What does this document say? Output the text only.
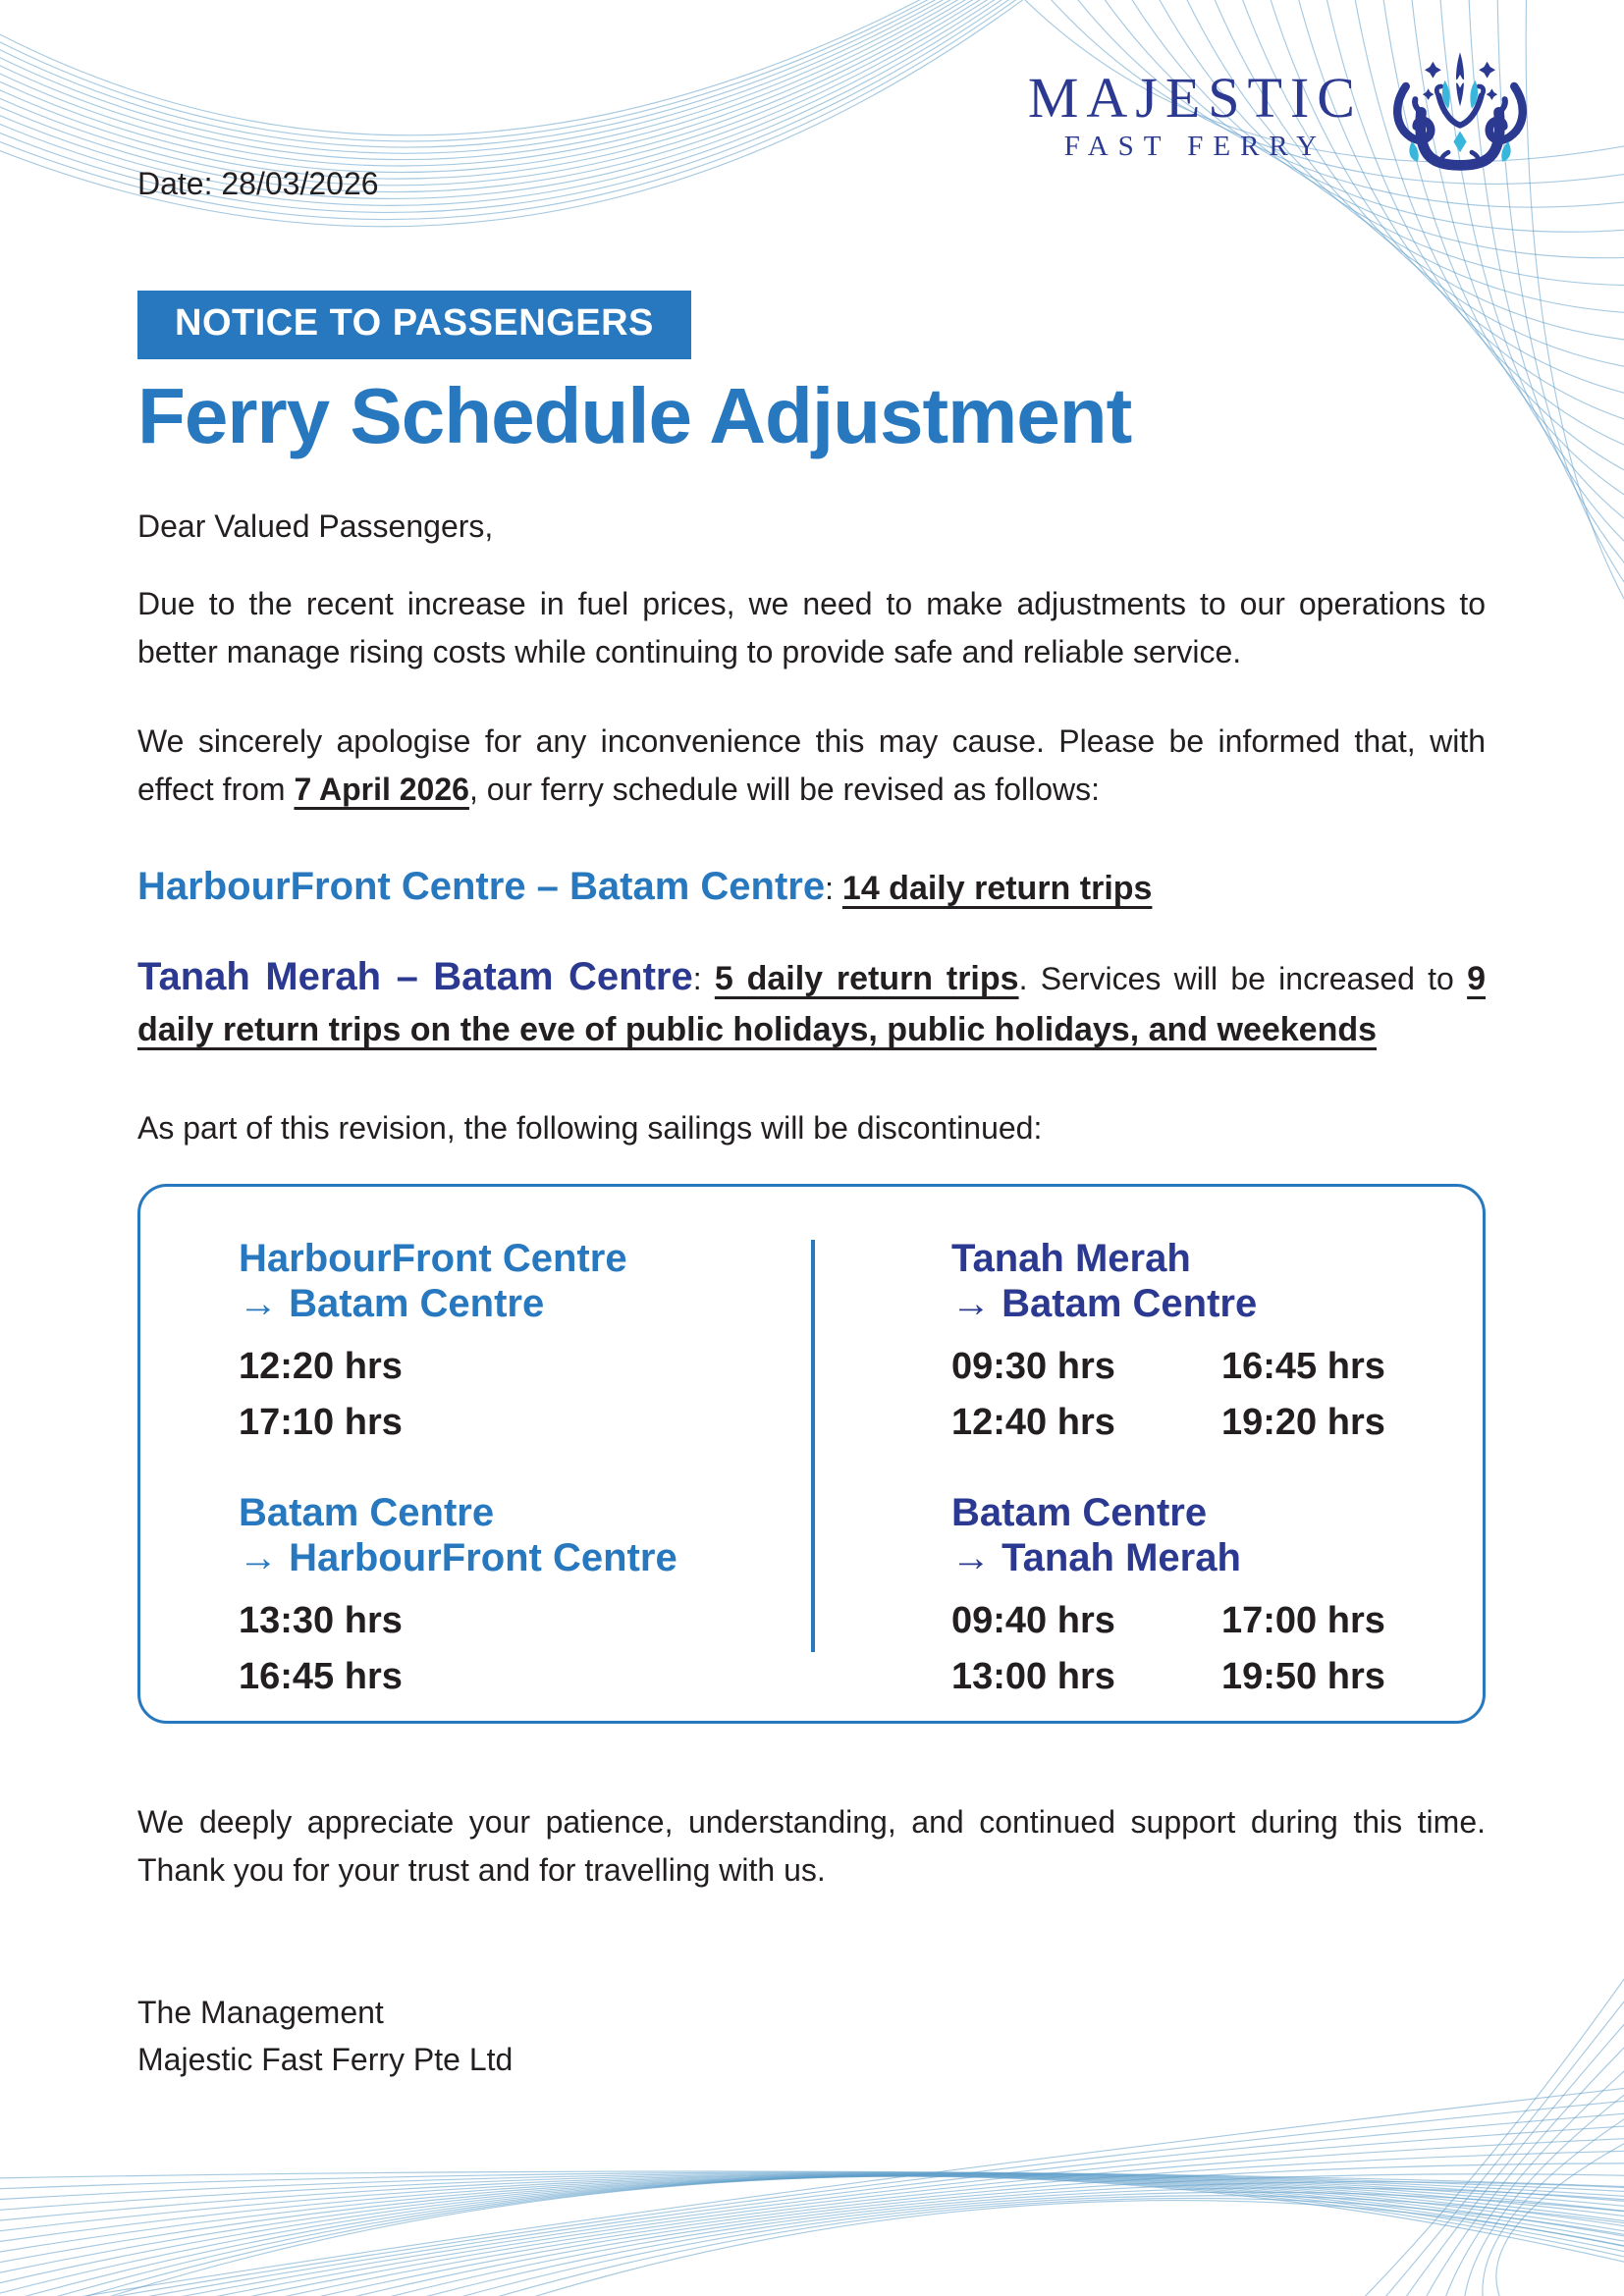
MAJESTIC
FAST FERRY

Date: 28/03/2026

NOTICE TO PASSENGERS
Ferry Schedule Adjustment

Dear Valued Passengers,

Due to the recent increase in fuel prices, we need to make adjustments to our operations to better manage rising costs while continuing to provide safe and reliable service.

We sincerely apologise for any inconvenience this may cause. Please be informed that, with effect from 7 April 2026, our ferry schedule will be revised as follows:

HarbourFront Centre – Batam Centre: 14 daily return trips

Tanah Merah – Batam Centre: 5 daily return trips. Services will be increased to 9 daily return trips on the eve of public holidays, public holidays, and weekends

As part of this revision, the following sailings will be discontinued:

HarbourFront Centre
→ Batam Centre
12:20 hrs
17:10 hrs
Tanah Merah
→ Batam Centre
09:30 hrs	16:45 hrs
12:40 hrs	19:20 hrs
Batam Centre
→ HarbourFront Centre
13:30 hrs
16:45 hrs
Batam Centre
→ Tanah Merah
09:40 hrs	17:00 hrs
13:00 hrs	19:50 hrs

We deeply appreciate your patience, understanding, and continued support during this time. Thank you for your trust and for travelling with us.

The Management
Majestic Fast Ferry Pte Ltd
